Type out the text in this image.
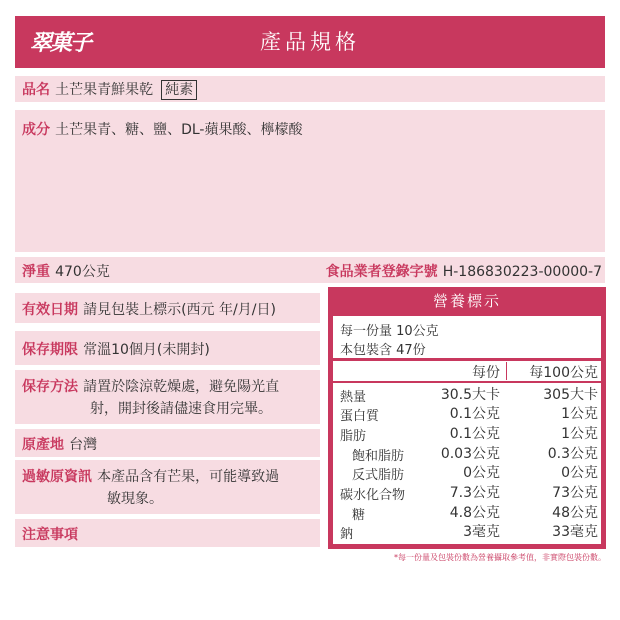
翠菓子	產品規格
品名 土芒果青鮮果乾 純素
成分 土芒果青、糖、鹽、DL-蘋果酸、檸檬酸
淨重 470公克	食品業者登錄字號 H-186830223-00000-7
有效日期 請見包裝上標示(西元 年/月/日)
保存期限 常溫10個月(未開封)
保存方法 請置於陰涼乾燥處，避免陽光直
射，開封後請儘速食用完畢。
原產地 台灣
過敏原資訊 本產品含有芒果，可能導致過
敏現象。
注意事項
營養標示
每一份量 10公克
本包裝含 47份
每份	每100公克
熱量	30.5大卡	305大卡
蛋白質	0.1公克	1公克
脂肪	0.1公克	1公克
飽和脂肪	0.03公克	0.3公克
反式脂肪	0公克	0公克
碳水化合物	7.3公克	73公克
糖	4.8公克	48公克
鈉	3毫克	33毫克
*每一份量及包裝份數為營養攝取參考值，非實際包裝份數。
